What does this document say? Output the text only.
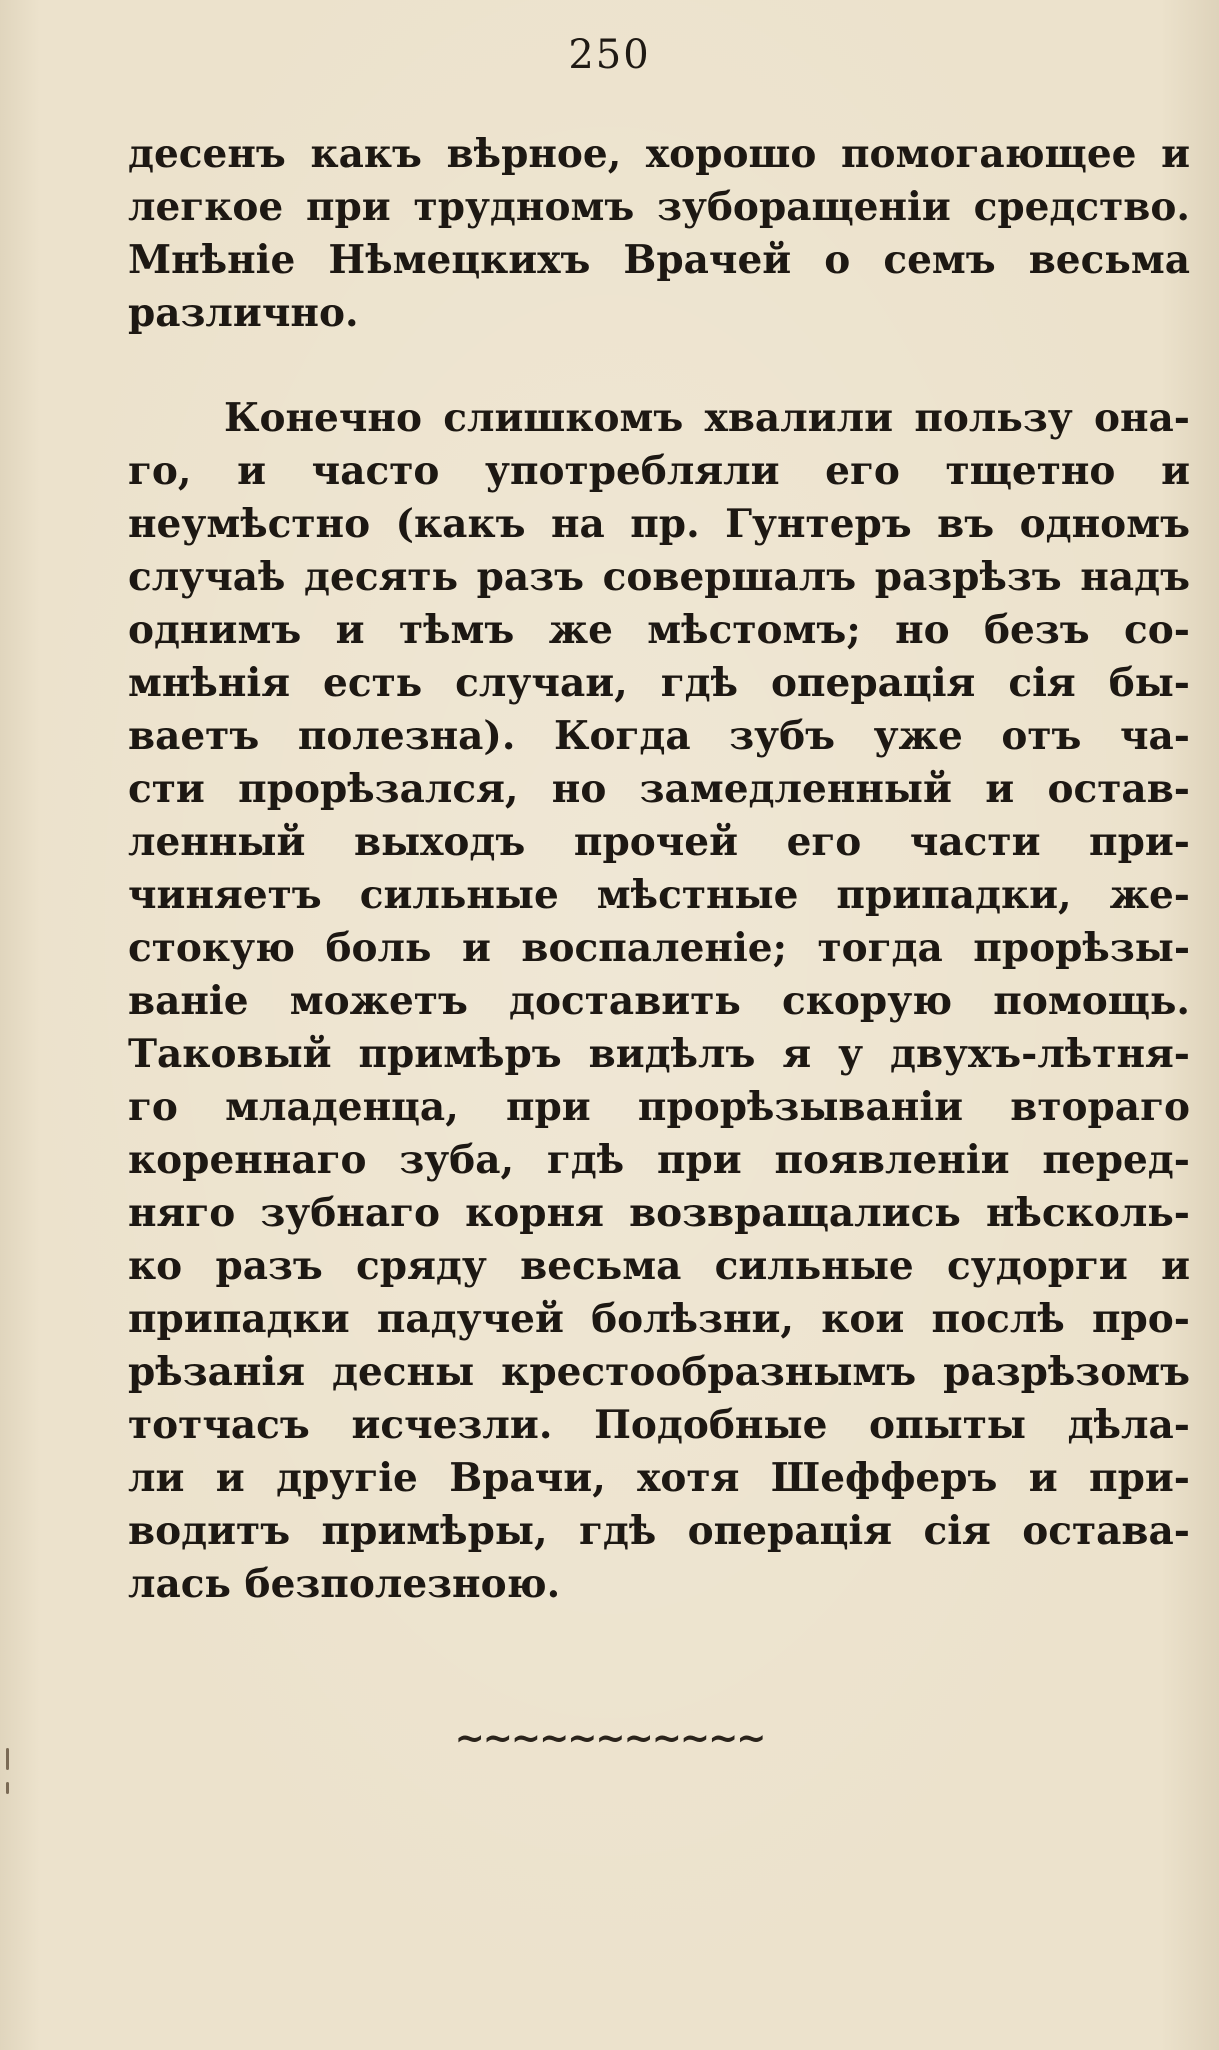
250
десенъ какъ вѣрное, хорошо помогающее и
легкое при трудномъ зуборащеніи средство.
Мнѣніе Нѣмецкихъ Врачей о семъ весьма
различно.
Конечно слишкомъ хвалили пользу она-
го, и часто употребляли его тщетно и
неумѣстно (какъ на пр. Гунтеръ въ одномъ
случаѣ десять разъ совершалъ разрѣзъ надъ
однимъ и тѣмъ же мѣстомъ; но безъ со-
мнѣнія есть случаи, гдѣ операція сія бы-
ваетъ полезна). Когда зубъ уже отъ ча-
сти прорѣзался, но замедленный и остав-
ленный выходъ прочей его части при-
чиняетъ сильные мѣстные припадки, же-
стокую боль и воспаленіе; тогда прорѣзы-
ваніе можетъ доставить скорую помощь.
Таковый примѣръ видѣлъ я у двухъ-лѣтня-
го младенца, при прорѣзываніи втораго
кореннаго зуба, гдѣ при появленіи перед-
няго зубнаго корня возвращались нѣсколь-
ко разъ сряду весьма сильные судорги и
припадки падучей болѣзни, кои послѣ про-
рѣзанія десны крестообразнымъ разрѣзомъ
тотчасъ исчезли. Подобные опыты дѣла-
ли и другіе Врачи, хотя Шефферъ и при-
водитъ примѣры, гдѣ операція сія остава-
лась безполезною.
~~~~~~~~~~~
